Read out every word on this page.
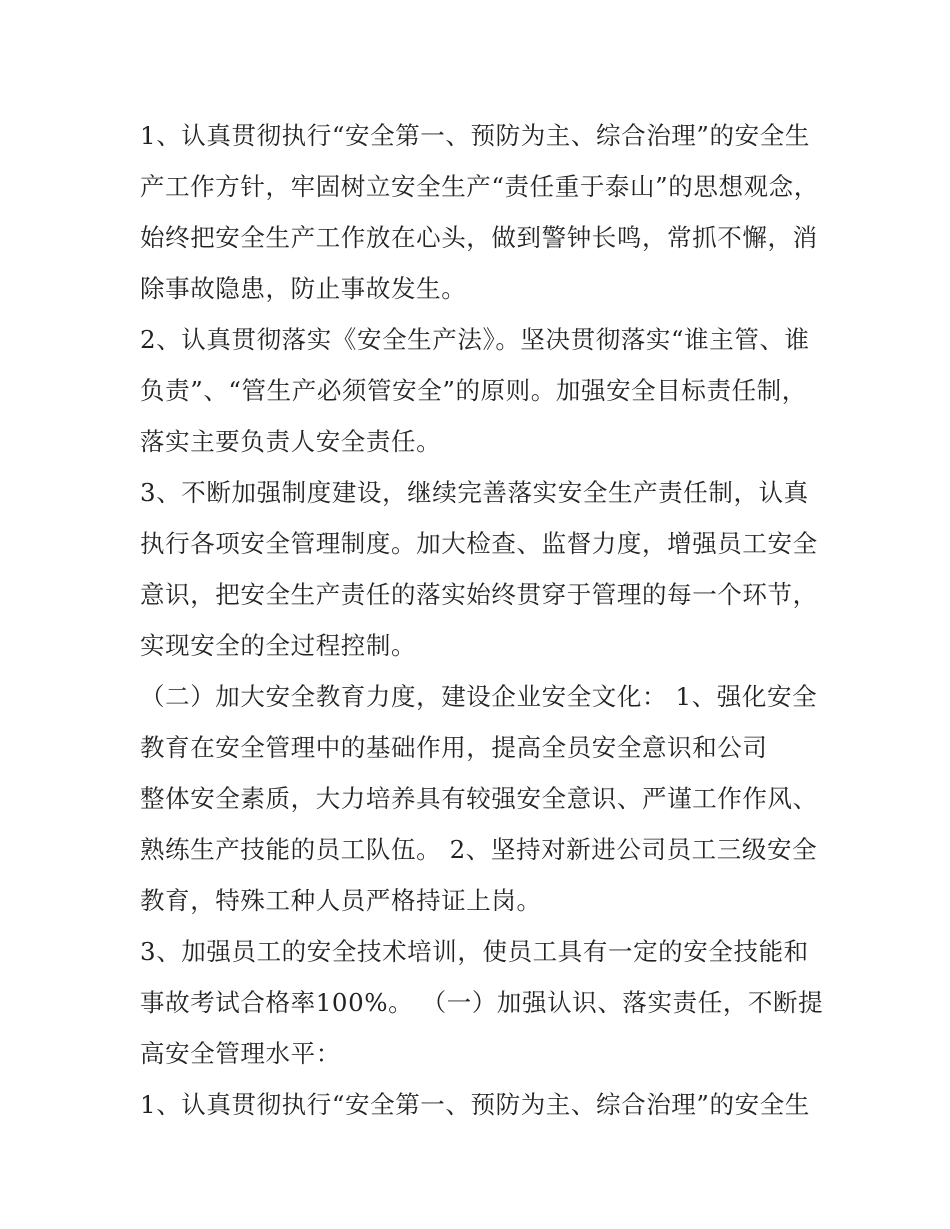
1、认真贯彻执行“安全第一、预防为主、综合治理”的安全生
产工作方针，牢固树立安全生产“责任重于泰山”的思想观念，
始终把安全生产工作放在心头，做到警钟长鸣，常抓不懈，消
除事故隐患，防止事故发生。
2、认真贯彻落实《安全生产法》。坚决贯彻落实“谁主管、谁
负责”、“管生产必须管安全”的原则。加强安全目标责任制，
落实主要负责人安全责任。
3、不断加强制度建设，继续完善落实安全生产责任制，认真
执行各项安全管理制度。加大检查、监督力度，增强员工安全
意识，把安全生产责任的落实始终贯穿于管理的每一个环节，
实现安全的全过程控制。
（二）加大安全教育力度，建设企业安全文化： 1、强化安全
教育在安全管理中的基础作用，提高全员安全意识和公司
整体安全素质，大力培养具有较强安全意识、严谨工作作风、
熟练生产技能的员工队伍。 2、坚持对新进公司员工三级安全
教育，特殊工种人员严格持证上岗。
3、加强员工的安全技术培训，使员工具有一定的安全技能和
事故考试合格率100%。 （一）加强认识、落实责任，不断提
高安全管理水平：
1、认真贯彻执行“安全第一、预防为主、综合治理”的安全生
